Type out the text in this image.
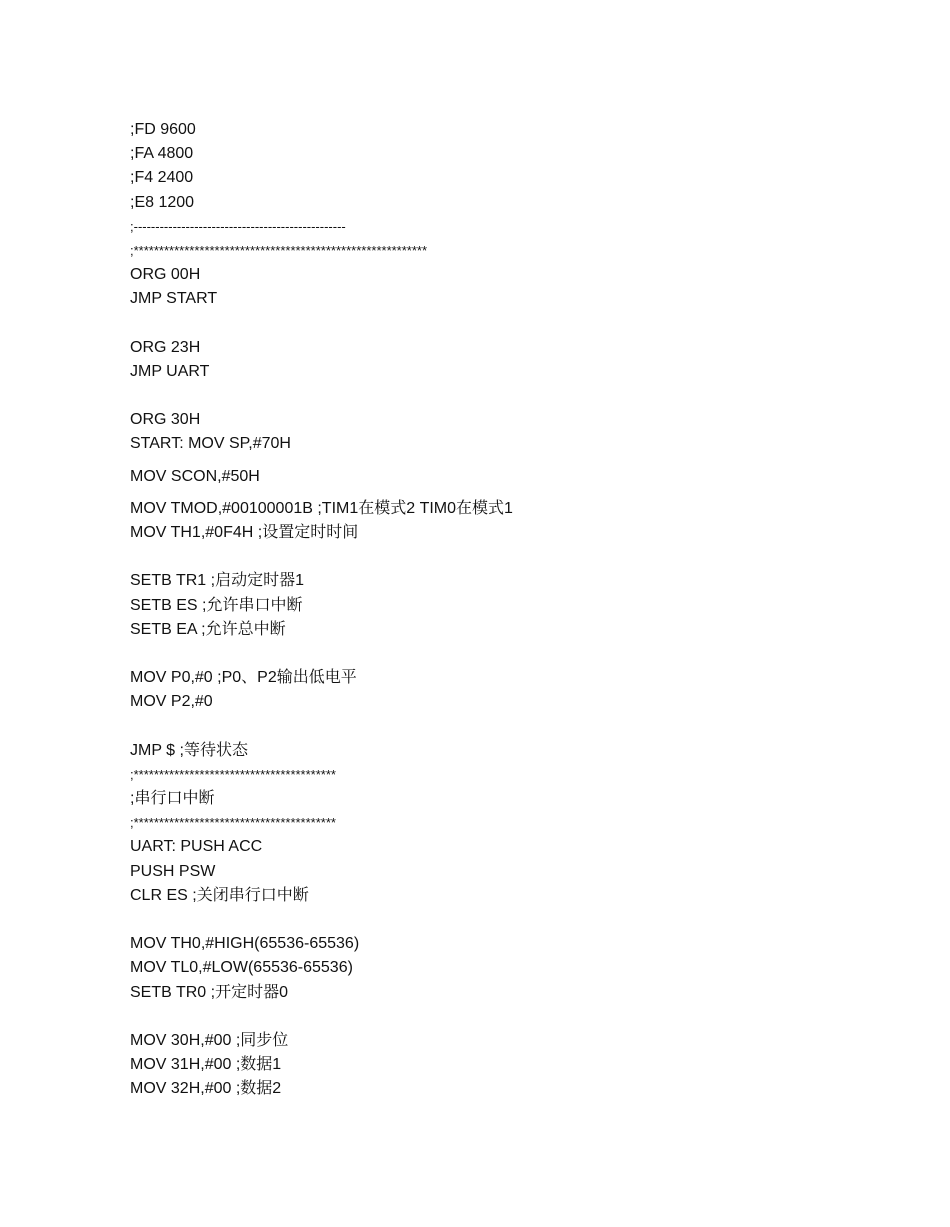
;FD 9600
;FA 4800
;F4 2400
;E8 1200
;-------------------------------------------------
;**********************************************************
ORG 00H
JMP START
ORG 23H
JMP UART
ORG 30H
START: MOV SP,#70H
MOV SCON,#50H
MOV TMOD,#00100001B ;TIM1在模式2 TIM0在模式1
MOV TH1,#0F4H ;设置定时时间
SETB TR1 ;启动定时器1
SETB ES ;允许串口中断
SETB EA ;允许总中断
MOV P0,#0 ;P0、P2输出低电平
MOV P2,#0
JMP $ ;等待状态
;****************************************
;串行口中断
;****************************************
UART: PUSH ACC
PUSH PSW
CLR ES ;关闭串行口中断
MOV TH0,#HIGH(65536-65536)
MOV TL0,#LOW(65536-65536)
SETB TR0 ;开定时器0
MOV 30H,#00 ;同步位
MOV 31H,#00 ;数据1
MOV 32H,#00 ;数据2
